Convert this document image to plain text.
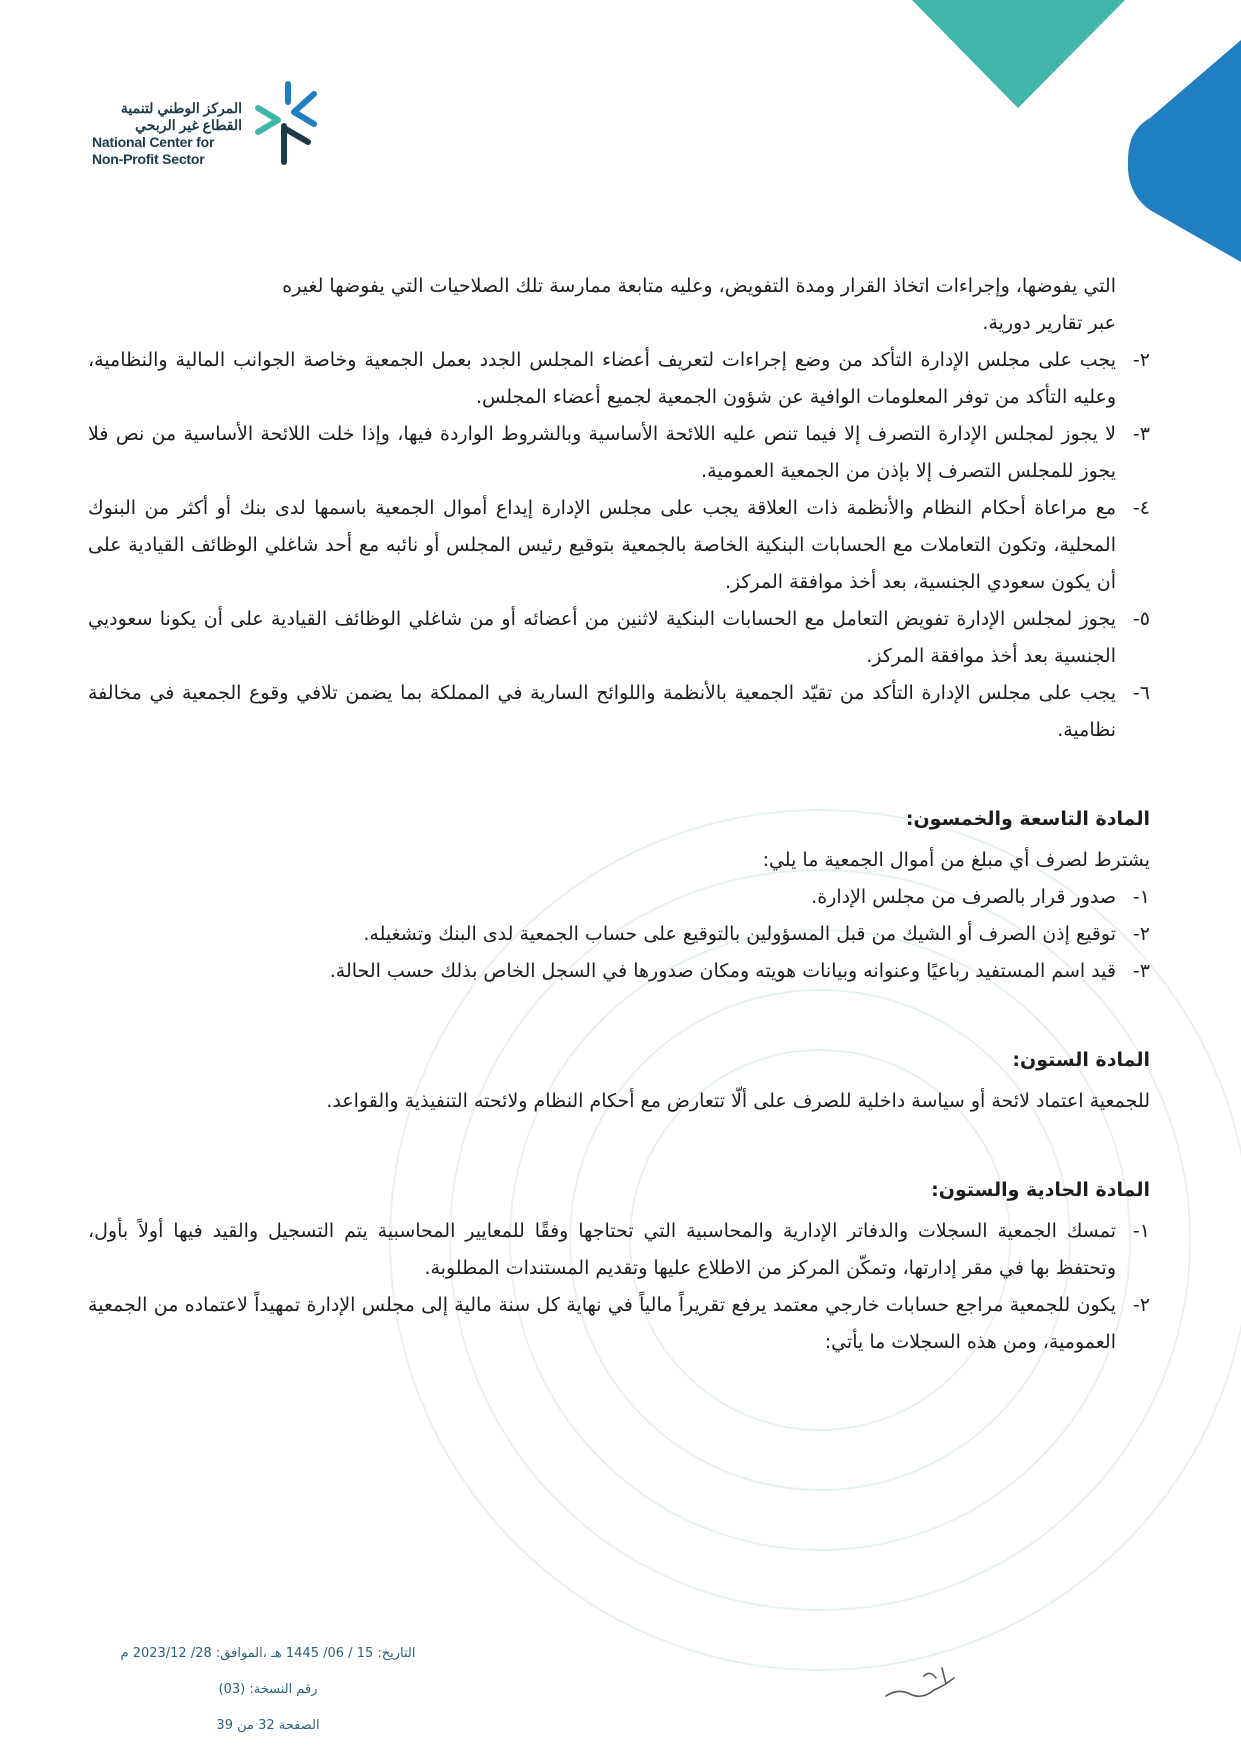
المركز الوطني لتنمية
القطاع غير الربحي
National Center for
Non-Profit Sector

التي يفوضها، وإجراءات اتخاذ القرار ومدة التفويض، وعليه متابعة ممارسة تلك الصلاحيات التي يفوضها لغيره

عبر تقارير دورية.

٢-
يجب على مجلس الإدارة التأكد من وضع إجراءات لتعريف أعضاء المجلس الجدد بعمل الجمعية وخاصة الجوانب المالية والنظامية، وعليه التأكد من توفر المعلومات الوافية عن شؤون الجمعية لجميع أعضاء المجلس.
٣-
لا يجوز لمجلس الإدارة التصرف إلا فيما تنص عليه اللائحة الأساسية وبالشروط الواردة فيها، وإذا خلت اللائحة الأساسية من نص فلا يجوز للمجلس التصرف إلا بإذن من الجمعية العمومية.
٤-
مع مراعاة أحكام النظام والأنظمة ذات العلاقة يجب على مجلس الإدارة إيداع أموال الجمعية باسمها لدى بنك أو أكثر من البنوك المحلية، وتكون التعاملات مع الحسابات البنكية الخاصة بالجمعية بتوقيع رئيس المجلس أو نائبه مع أحد شاغلي الوظائف القيادية على أن يكون سعودي الجنسية، بعد أخذ موافقة المركز.
٥-
يجوز لمجلس الإدارة تفويض التعامل مع الحسابات البنكية لاثنين من أعضائه أو من شاغلي الوظائف القيادية على أن يكونا سعوديي الجنسية بعد أخذ موافقة المركز.
٦-
يجب على مجلس الإدارة التأكد من تقيّد الجمعية بالأنظمة واللوائح السارية في المملكة بما يضمن تلافي وقوع الجمعية في مخالفة نظامية.
المادة التاسعة والخمسون:

يشترط لصرف أي مبلغ من أموال الجمعية ما يلي:

١-
صدور قرار بالصرف من مجلس الإدارة.
٢-
توقيع إذن الصرف أو الشيك من قبل المسؤولين بالتوقيع على حساب الجمعية لدى البنك وتشغيله.
٣-
قيد اسم المستفيد رباعيًا وعنوانه وبيانات هويته ومكان صدورها في السجل الخاص بذلك حسب الحالة.
المادة الستون:

للجمعية اعتماد لائحة أو سياسة داخلية للصرف على ألّا تتعارض مع أحكام النظام ولائحته التنفيذية والقواعد.

المادة الحادية والستون:
١-
تمسك الجمعية السجلات والدفاتر الإدارية والمحاسبية التي تحتاجها وفقًا للمعايير المحاسبية يتم التسجيل والقيد فيها أولاً بأول، وتحتفظ بها في مقر إدارتها، وتمكّن المركز من الاطلاع عليها وتقديم المستندات المطلوبة.
٢-
يكون للجمعية مراجع حسابات خارجي معتمد يرفع تقريراً مالياً في نهاية كل سنة مالية إلى مجلس الإدارة تمهيداً لاعتماده من الجمعية العمومية، ومن هذه السجلات ما يأتي:
التاريخ: 15 / 06/ 1445 هـ ،الموافق: 28/ 2023/12 م
رقم النسخة: (03)
الصفحة 32 من 39
